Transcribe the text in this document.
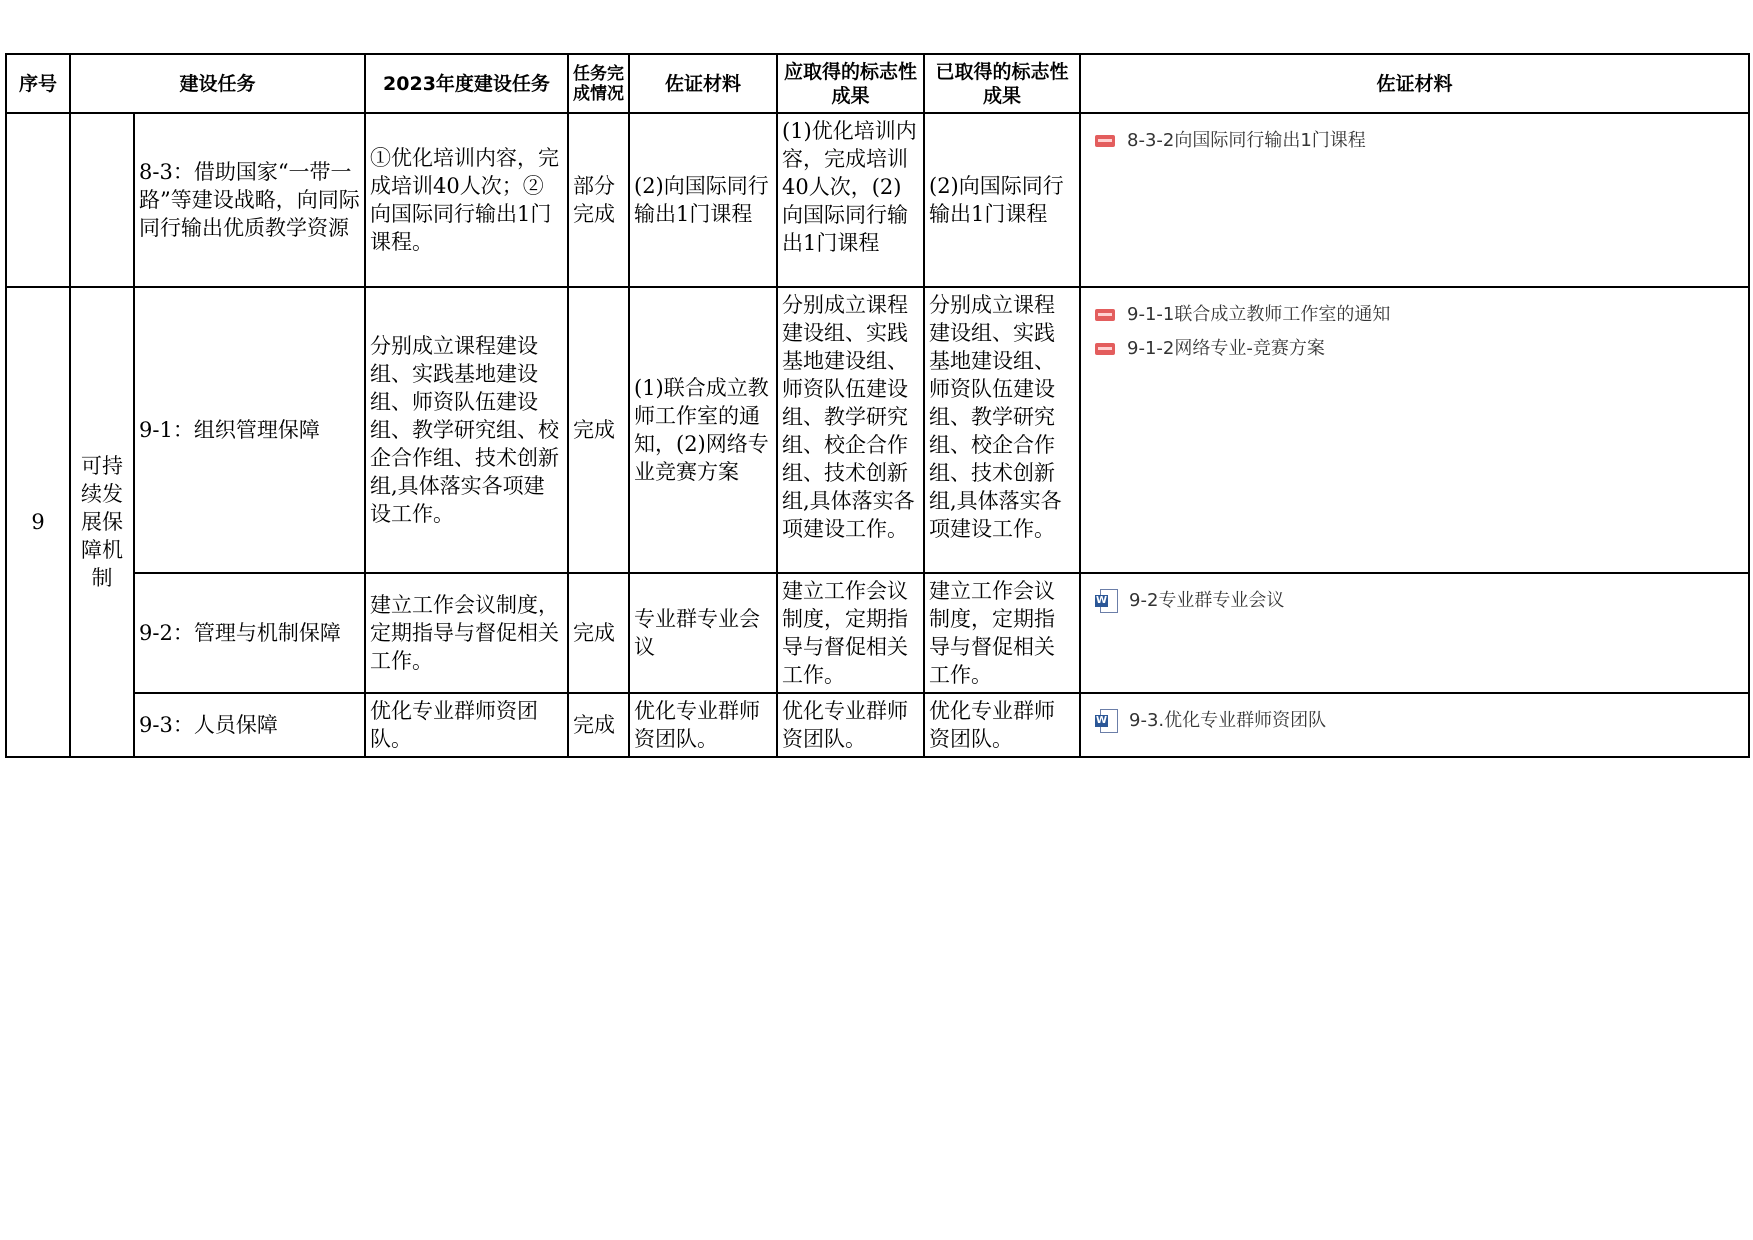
序号	建设任务		2023年度建设任务	任务完成情况	佐证材料	应取得的标志性成果	已取得的标志性成果	佐证材料
		8-3：借助国家“一带一路”等建设战略，向同际同行输出优质教学资源	①优化培训内容，完成培训40人次；②向国际同行输出1门课程。	部分完成	(2)向国际同行输出1门课程	(1)优化培训内容，完成培训40人次，(2)向国际同行输出1门课程	(2)向国际同行输出1门课程	8-3-2向国际同行输出1门课程

9	可持续发展保障机制	9-1：组织管理保障	分别成立课程建设组、实践基地建设组、师资队伍建设组、教学研究组、校企合作组、技术创新组,具体落实各项建设工作。	完成	(1)联合成立教师工作室的通知，(2)网络专业竞赛方案	分别成立课程建设组、实践基地建设组、师资队伍建设组、教学研究组、校企合作组、技术创新组,具体落实各项建设工作。	分别成立课程建设组、实践基地建设组、师资队伍建设组、教学研究组、校企合作组、技术创新组,具体落实各项建设工作。	9-1-1联合成立教师工作室的通知
9-1-2网络专业-竞赛方案

		9-2：管理与机制保障	建立工作会议制度，定期指导与督促相关工作。	完成	专业群专业会议	建立工作会议制度，定期指导与督促相关工作。	建立工作会议制度，定期指导与督促相关工作。	W 9-2专业群专业会议

		9-3：人员保障	优化专业群师资团队。	完成	优化专业群师资团队。	优化专业群师资团队。	优化专业群师资团队。	W 9-3.优化专业群师资团队
